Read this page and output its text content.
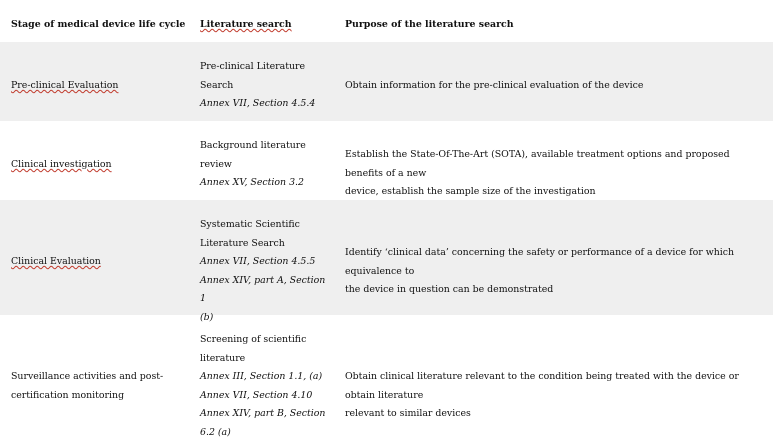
Stage of medical device life cycle Literature search	Purpose of the literature search
Pre-clinical Evaluation
Pre-clinical Literature
Search
Annex VII, Section 4.5.4
Obtain information for the pre-clinical evaluation of the device
Clinical investigation
Background literature
review
Annex XV, Section 3.2
Establish the State-Of-The-Art (SOTA), available treatment options and proposed benefits of a new
device, establish the sample size of the investigation
Clinical Evaluation
Systematic Scientific
Literature Search
Annex VII, Section 4.5.5
Annex XIV, part A, Section 1
(b)
Identify ‘clinical data’ concerning the safety or performance of a device for which equivalence to
the device in question can be demonstrated
Surveillance activities and post-
certification monitoring
Screening of scientific
literature
Annex III, Section 1.1, (a)
Annex VII, Section 4.10
Annex XIV, part B, Section
6.2 (a)
Obtain clinical literature relevant to the condition being treated with the device or obtain literature
relevant to similar devices
